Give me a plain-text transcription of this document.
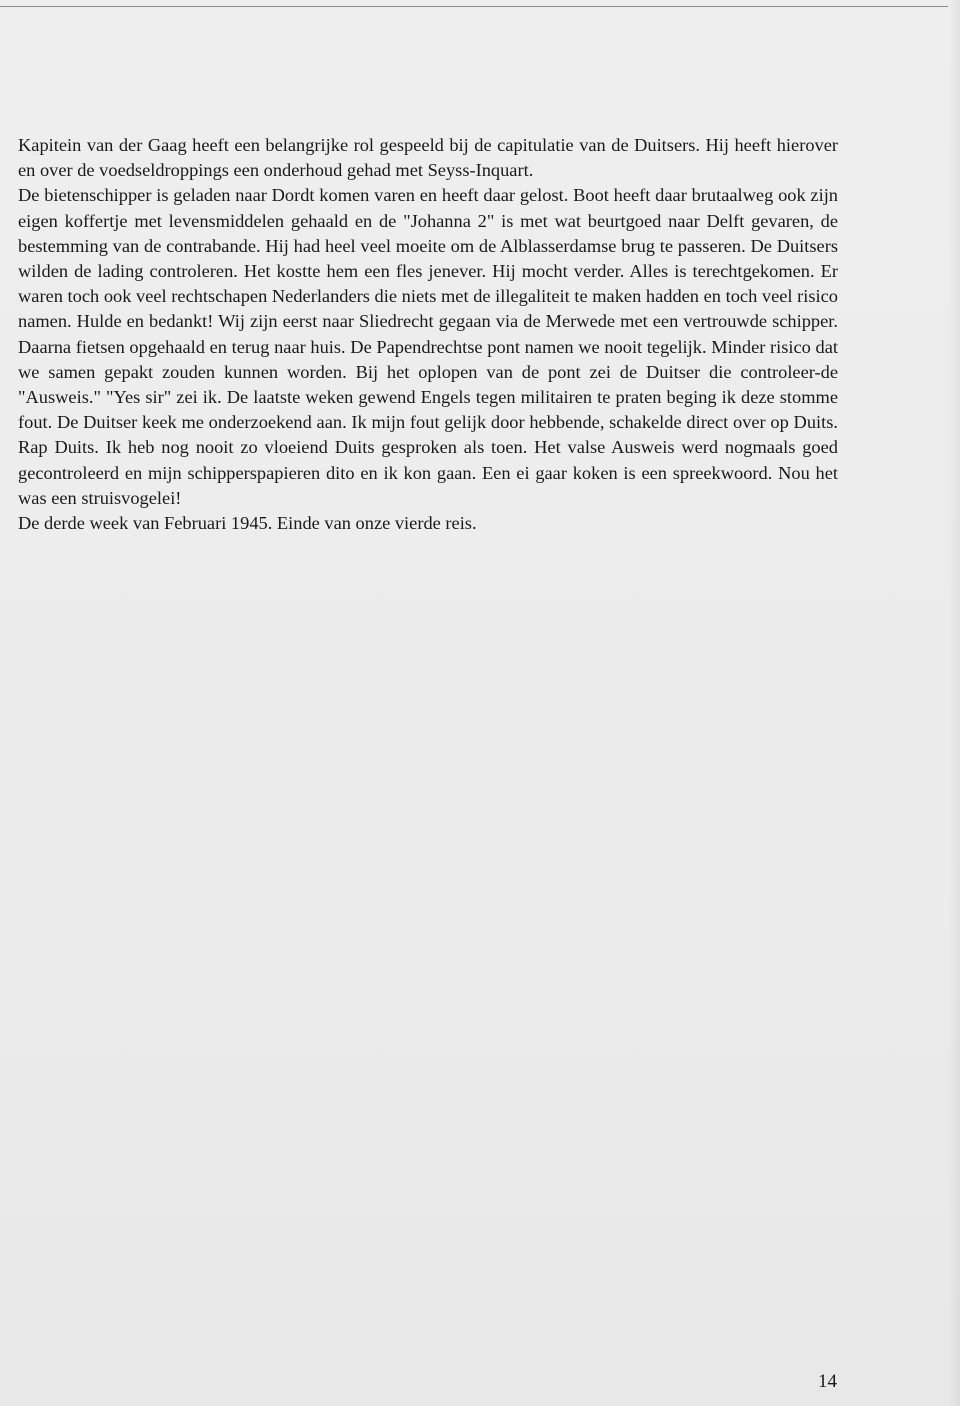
Kapitein van der Gaag heeft een belangrijke rol gespeeld bij de capitulatie van de Duitsers. Hij heeft hierover en over de voedseldroppings een onderhoud gehad met Seyss-Inquart.

De bietenschipper is geladen naar Dordt komen varen en heeft daar gelost. Boot heeft daar brutaalweg ook zijn eigen koffertje met levensmiddelen gehaald en de "Johanna 2" is met wat beurtgoed naar Delft gevaren, de bestemming van de contrabande. Hij had heel veel moeite om de Alblasserdamse brug te passeren. De Duitsers wilden de lading controleren. Het kostte hem een fles jenever. Hij mocht verder. Alles is terechtgekomen. Er waren toch ook veel rechtschapen Nederlanders die niets met de illegaliteit te maken hadden en toch veel risico namen. Hulde en bedankt! Wij zijn eerst naar Sliedrecht gegaan via de Merwede met een vertrouwde schipper. Daarna fietsen opgehaald en terug naar huis. De Papendrechtse pont namen we nooit tegelijk. Minder risico dat we samen gepakt zouden kunnen worden. Bij het oplopen van de pont zei de Duitser die controleer-de "Ausweis." "Yes sir" zei ik. De laatste weken gewend Engels tegen militairen te praten beging ik deze stomme fout. De Duitser keek me onderzoekend aan. Ik mijn fout gelijk door hebbende, schakelde direct over op Duits. Rap Duits. Ik heb nog nooit zo vloeiend Duits gesproken als toen. Het valse Ausweis werd nogmaals goed gecontroleerd en mijn schipperspapieren dito en ik kon gaan. Een ei gaar koken is een spreekwoord. Nou het was een struisvogelei!

De derde week van Februari 1945. Einde van onze vierde reis.

14
